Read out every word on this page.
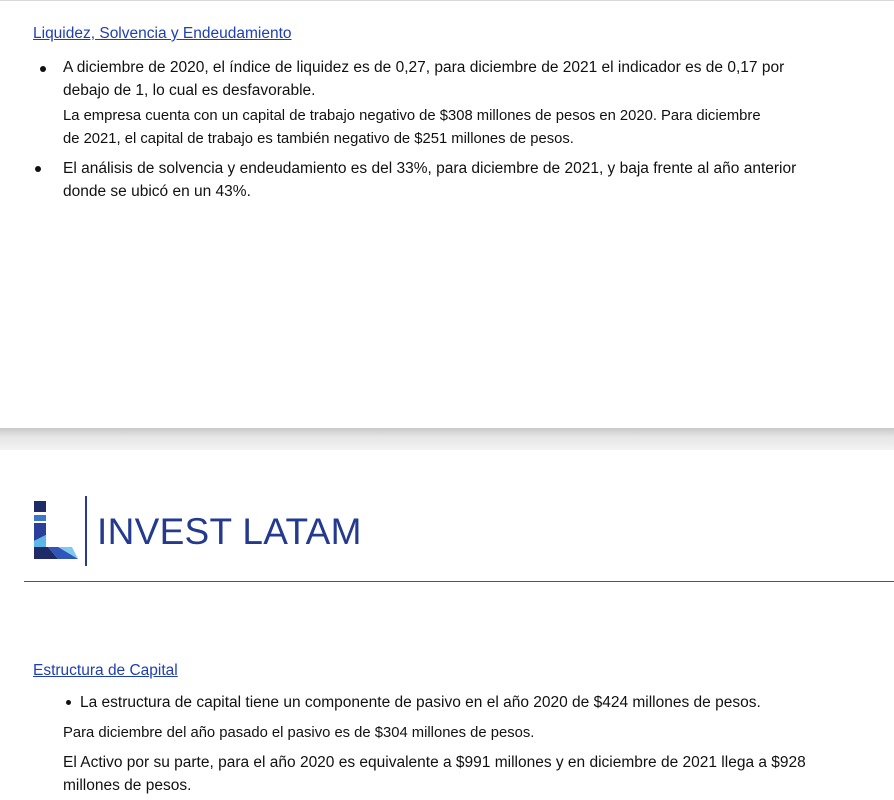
Liquidez, Solvencia y Endeudamiento

A diciembre de 2020, el índice de liquidez es de 0,27, para diciembre de 2021 el indicador es de 0,17 por

debajo de 1, lo cual es desfavorable.

La empresa cuenta con un capital de trabajo negativo de $308 millones de pesos en 2020. Para diciembre

de 2021, el capital de trabajo es también negativo de $251 millones de pesos.

El análisis de solvencia y endeudamiento es del 33%, para diciembre de 2021, y baja frente al año anterior

donde se ubicó en un 43%.

INVEST LATAM
Estructura de Capital

La estructura de capital tiene un componente de pasivo en el año 2020 de $424 millones de pesos.

Para diciembre del año pasado el pasivo es de $304 millones de pesos.

El Activo por su parte, para el año 2020 es equivalente a $991 millones y en diciembre de 2021 llega a $928

millones de pesos.
